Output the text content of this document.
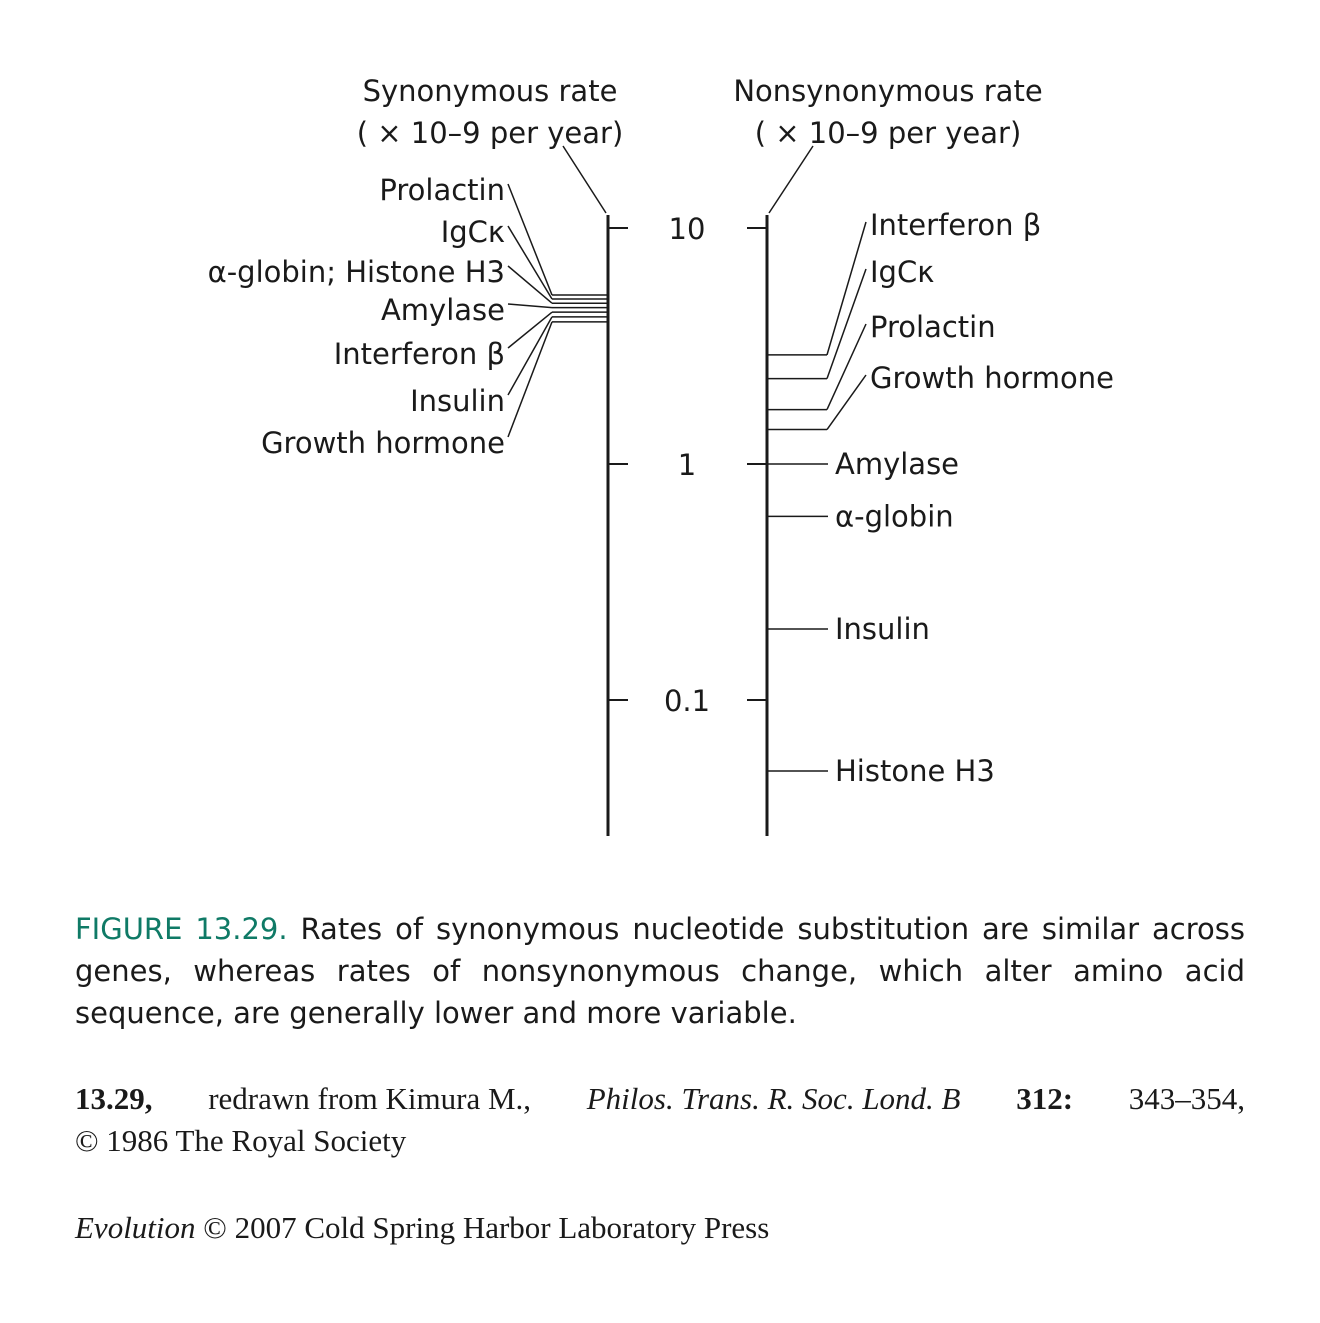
10
1
0.1
Synonymous rate
( × 10–9 per year)
Nonsynonymous rate
( × 10–9 per year)
Prolactin
IgCκ
α-globin; Histone H3
Amylase
Interferon β
Insulin
Growth hormone
Interferon β
IgCκ
Prolactin
Growth hormone
Amylase
α-globin
Insulin
Histone H3
FIGURE 13.29. Rates of synonymous nucleotide substitution are similar across genes, whereas rates of nonsynonymous change, which alter amino acid sequence, are generally lower and more variable.
13.29, redrawn from Kimura M., Philos. Trans. R. Soc. Lond. B 312: 343–354,
© 1986 The Royal Society
Evolution © 2007 Cold Spring Harbor Laboratory Press
